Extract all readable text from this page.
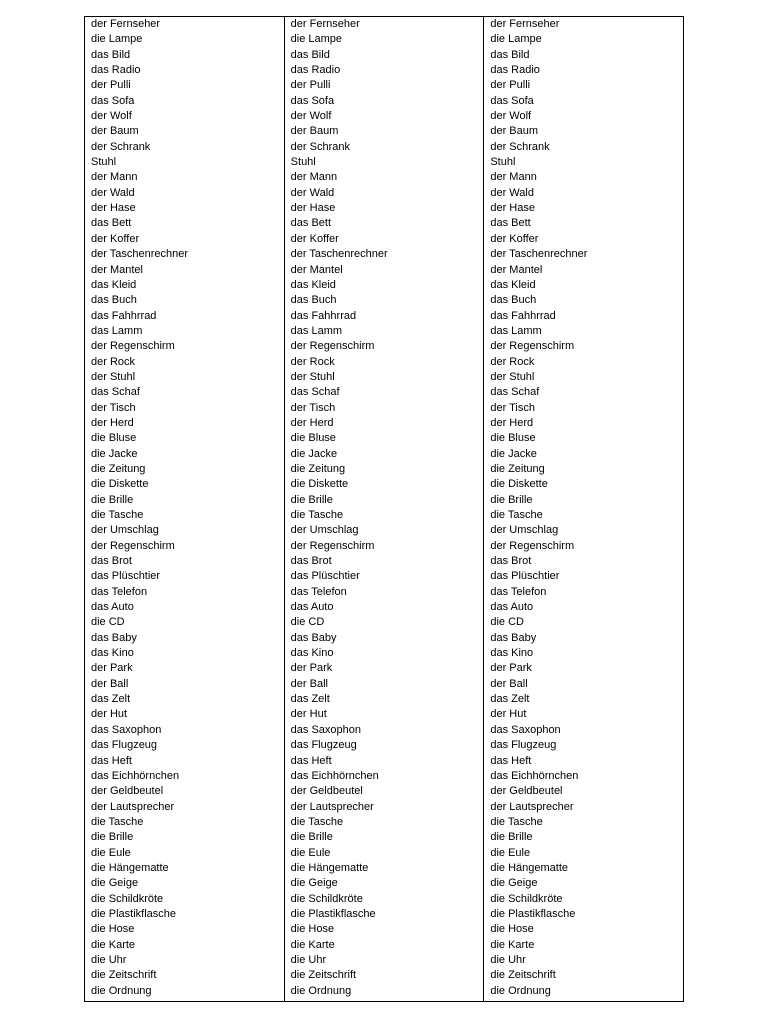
der Fernseher
die Lampe
das Bild
das Radio
der Pulli
das Sofa
der Wolf
der Baum
der Schrank
Stuhl
der Mann
der Wald
der Hase
das Bett
der Koffer
der Taschenrechner
der Mantel
das Kleid
das Buch
das Fahhrrad
das Lamm
der Regenschirm
der Rock
der Stuhl
das Schaf
der Tisch
der Herd
die Bluse
die Jacke
die Zeitung
die Diskette
die Brille
die Tasche
der Umschlag
der Regenschirm
das Brot
das Plüschtier
das Telefon
das Auto
die CD
das Baby
das Kino
der Park
der Ball
das Zelt
der Hut
das Saxophon
das Flugzeug
das Heft
das Eichhörnchen
der Geldbeutel
der Lautsprecher
die Tasche
die Brille
die Eule
die Hängematte
die Geige
die Schildkröte
die Plastikflasche
die Hose
die Karte
die Uhr
die Zeitschrift
die Ordnung
der Fernseher
die Lampe
das Bild
das Radio
der Pulli
das Sofa
der Wolf
der Baum
der Schrank
Stuhl
der Mann
der Wald
der Hase
das Bett
der Koffer
der Taschenrechner
der Mantel
das Kleid
das Buch
das Fahhrrad
das Lamm
der Regenschirm
der Rock
der Stuhl
das Schaf
der Tisch
der Herd
die Bluse
die Jacke
die Zeitung
die Diskette
die Brille
die Tasche
der Umschlag
der Regenschirm
das Brot
das Plüschtier
das Telefon
das Auto
die CD
das Baby
das Kino
der Park
der Ball
das Zelt
der Hut
das Saxophon
das Flugzeug
das Heft
das Eichhörnchen
der Geldbeutel
der Lautsprecher
die Tasche
die Brille
die Eule
die Hängematte
die Geige
die Schildkröte
die Plastikflasche
die Hose
die Karte
die Uhr
die Zeitschrift
die Ordnung
der Fernseher
die Lampe
das Bild
das Radio
der Pulli
das Sofa
der Wolf
der Baum
der Schrank
Stuhl
der Mann
der Wald
der Hase
das Bett
der Koffer
der Taschenrechner
der Mantel
das Kleid
das Buch
das Fahhrrad
das Lamm
der Regenschirm
der Rock
der Stuhl
das Schaf
der Tisch
der Herd
die Bluse
die Jacke
die Zeitung
die Diskette
die Brille
die Tasche
der Umschlag
der Regenschirm
das Brot
das Plüschtier
das Telefon
das Auto
die CD
das Baby
das Kino
der Park
der Ball
das Zelt
der Hut
das Saxophon
das Flugzeug
das Heft
das Eichhörnchen
der Geldbeutel
der Lautsprecher
die Tasche
die Brille
die Eule
die Hängematte
die Geige
die Schildkröte
die Plastikflasche
die Hose
die Karte
die Uhr
die Zeitschrift
die Ordnung
